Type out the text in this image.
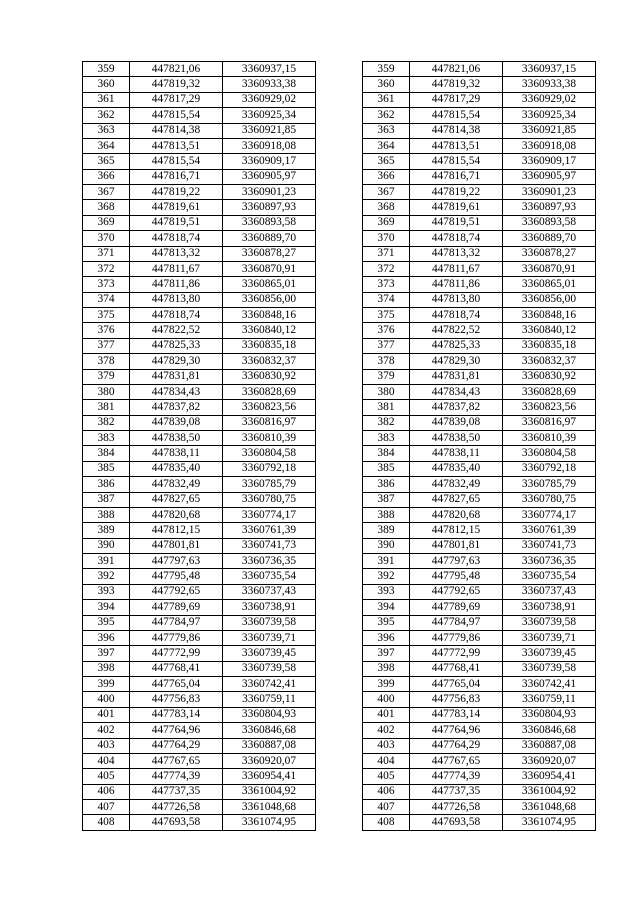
359	447821,06	3360937,15		359	447821,06	3360937,15
360	447819,32	3360933,38		360	447819,32	3360933,38
361	447817,29	3360929,02		361	447817,29	3360929,02
362	447815,54	3360925,34		362	447815,54	3360925,34
363	447814,38	3360921,85		363	447814,38	3360921,85
364	447813,51	3360918,08		364	447813,51	3360918,08
365	447815,54	3360909,17		365	447815,54	3360909,17
366	447816,71	3360905,97		366	447816,71	3360905,97
367	447819,22	3360901,23		367	447819,22	3360901,23
368	447819,61	3360897,93		368	447819,61	3360897,93
369	447819,51	3360893,58		369	447819,51	3360893,58
370	447818,74	3360889,70		370	447818,74	3360889,70
371	447813,32	3360878,27		371	447813,32	3360878,27
372	447811,67	3360870,91		372	447811,67	3360870,91
373	447811,86	3360865,01		373	447811,86	3360865,01
374	447813,80	3360856,00		374	447813,80	3360856,00
375	447818,74	3360848,16		375	447818,74	3360848,16
376	447822,52	3360840,12		376	447822,52	3360840,12
377	447825,33	3360835,18		377	447825,33	3360835,18
378	447829,30	3360832,37		378	447829,30	3360832,37
379	447831,81	3360830,92		379	447831,81	3360830,92
380	447834,43	3360828,69		380	447834,43	3360828,69
381	447837,82	3360823,56		381	447837,82	3360823,56
382	447839,08	3360816,97		382	447839,08	3360816,97
383	447838,50	3360810,39		383	447838,50	3360810,39
384	447838,11	3360804,58		384	447838,11	3360804,58
385	447835,40	3360792,18		385	447835,40	3360792,18
386	447832,49	3360785,79		386	447832,49	3360785,79
387	447827,65	3360780,75		387	447827,65	3360780,75
388	447820,68	3360774,17		388	447820,68	3360774,17
389	447812,15	3360761,39		389	447812,15	3360761,39
390	447801,81	3360741,73		390	447801,81	3360741,73
391	447797,63	3360736,35		391	447797,63	3360736,35
392	447795,48	3360735,54		392	447795,48	3360735,54
393	447792,65	3360737,43		393	447792,65	3360737,43
394	447789,69	3360738,91		394	447789,69	3360738,91
395	447784,97	3360739,58		395	447784,97	3360739,58
396	447779,86	3360739,71		396	447779,86	3360739,71
397	447772,99	3360739,45		397	447772,99	3360739,45
398	447768,41	3360739,58		398	447768,41	3360739,58
399	447765,04	3360742,41		399	447765,04	3360742,41
400	447756,83	3360759,11		400	447756,83	3360759,11
401	447783,14	3360804,93		401	447783,14	3360804,93
402	447764,96	3360846,68		402	447764,96	3360846,68
403	447764,29	3360887,08		403	447764,29	3360887,08
404	447767,65	3360920,07		404	447767,65	3360920,07
405	447774,39	3360954,41		405	447774,39	3360954,41
406	447737,35	3361004,92		406	447737,35	3361004,92
407	447726,58	3361048,68		407	447726,58	3361048,68
408	447693,58	3361074,95		408	447693,58	3361074,95
